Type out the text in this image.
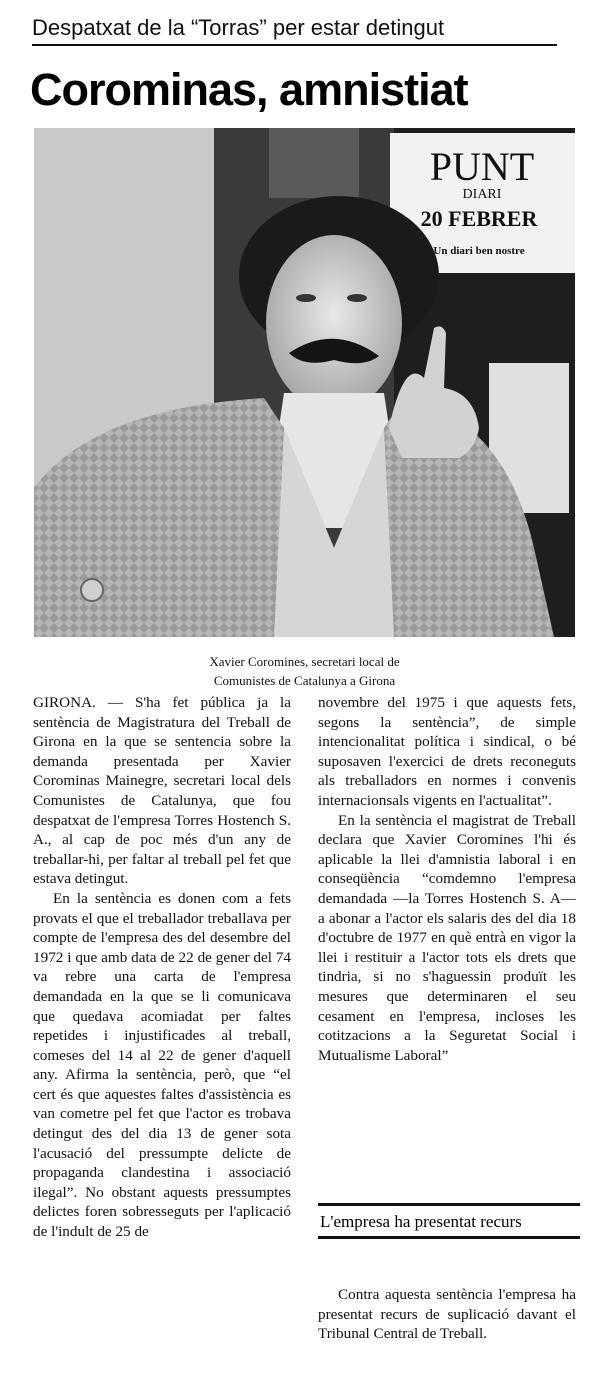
Despatxat de la “Torras” per estar detingut
Corominas, amnistiat
PUNT
DIARI
20 FEBRER
Un diari ben nostre
Xavier Coromines, secretari local de
Comunistes de Catalunya a Girona

GIRONA. — S'ha fet pública ja la sentència de Magistratura del Treball de Girona en la que se sentencia sobre la demanda presentada per Xavier Corominas Mainegre, secretari local dels Comunistes de Catalunya, que fou despatxat de l'empresa Torres Hostench S. A., al cap de poc més d'un any de treballar-hi, per faltar al treball pel fet que estava detingut.

En la sentència es donen com a fets provats el que el treballador treballava per compte de l'empresa des del desembre del 1972 i que amb data de 22 de gener del 74 va rebre una carta de l'empresa demandada en la que se li comunicava que quedava acomiadat per faltes repetides i injustificades al treball, comeses del 14 al 22 de gener d'aquell any. Afirma la sentència, però, que “el cert és que aquestes faltes d'assistència es van cometre pel fet que l'actor es trobava detingut des del dia 13 de gener sota l'acusació del pressumpte delicte de propaganda clandestina i associació ilegal”. No obstant aquests pressumptes delictes foren sobresseguts per l'aplicació de l'indult de 25 de

novembre del 1975 i que aquests fets, segons la sentència”, de simple intencionalitat política i sindical, o bé suposaven l'exercici de drets reconeguts als treballadors en normes i convenis internacionsals vigents en l'actualitat”.

En la sentència el magistrat de Treball declara que Xavier Coromines l'hi és aplicable la llei d'amnistia laboral i en conseqüència “comdemno l'empresa demandada —la Torres Hostench S. A— a abonar a l'actor els salaris des del dia 18 d'octubre de 1977 en què entrà en vigor la llei i restituir a l'actor tots els drets que tindria, si no s'haguessin produït les mesures que determinaren el seu cesament en l'empresa, incloses les cotitzacions a la Seguretat Social i Mutualisme Laboral”

L'empresa ha presentat recurs

Contra aquesta sentència l'empresa ha presentat recurs de suplicació davant el Tribunal Central de Treball.
